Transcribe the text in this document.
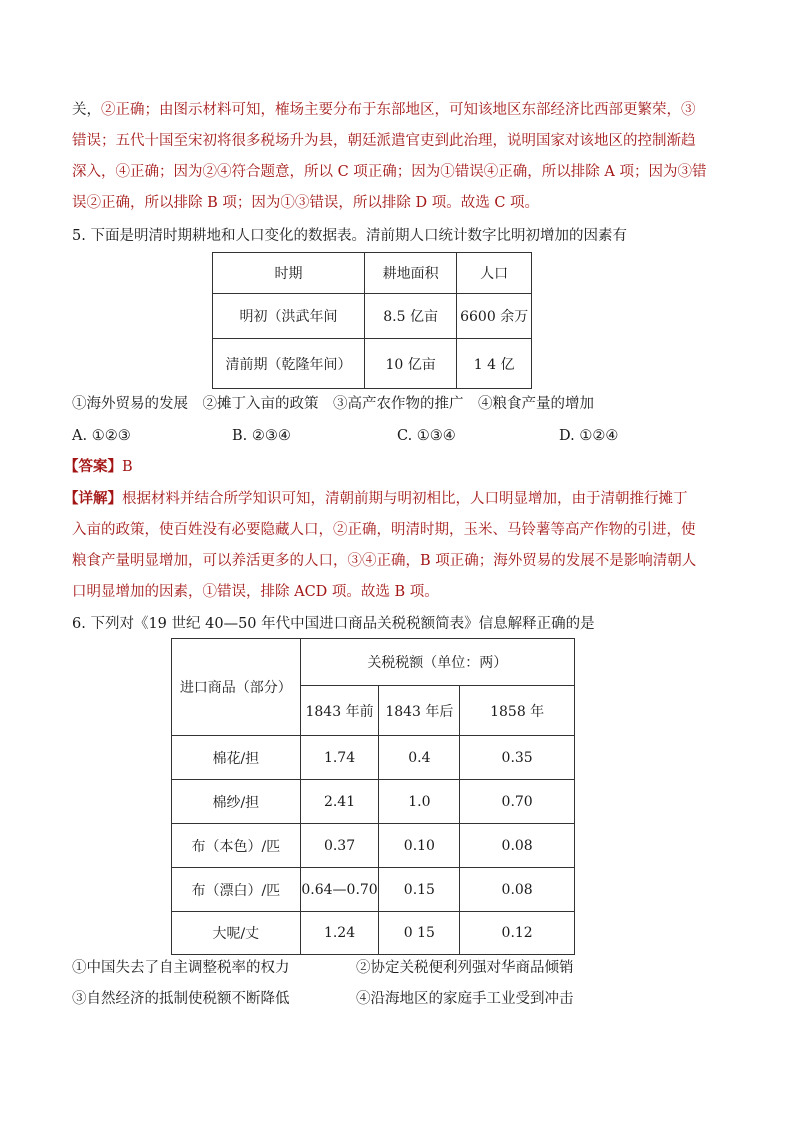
关，②正确；由图示材料可知，榷场主要分布于东部地区，可知该地区东部经济比西部更繁荣，③
错误；五代十国至宋初将很多税场升为县，朝廷派遣官吏到此治理，说明国家对该地区的控制渐趋
深入，④正确；因为②④符合题意，所以 C 项正确；因为①错误④正确，所以排除 A 项；因为③错
误②正确，所以排除 B 项；因为①③错误，所以排除 D 项。故选 C 项。
5. 下面是明清时期耕地和人口变化的数据表。清前期人口统计数字比明初增加的因素有
时期	耕地面积	人口
明初（洪武年间	8.5 亿亩	6600 余万
清前期（乾隆年间）	10 亿亩	1 4 亿
①海外贸易的发展　②摊丁入亩的政策　③高产农作物的推广　④粮食产量的增加
A. ①②③	B. ②③④	C. ①③④	D. ①②④
【答案】B
【详解】根据材料并结合所学知识可知，清朝前期与明初相比，人口明显增加，由于清朝推行摊丁
入亩的政策，使百姓没有必要隐藏人口，②正确，明清时期，玉米、马铃薯等高产作物的引进，使
粮食产量明显增加，可以养活更多的人口，③④正确，B 项正确；海外贸易的发展不是影响清朝人
口明显增加的因素，①错误，排除 ACD 项。故选 B 项。
6. 下列对《19 世纪 40—50 年代中国进口商品关税税额简表》信息解释正确的是
进口商品（部分）	关税税额（单位：两）		
	1843 年前	1843 年后	1858 年
棉花/担	1.74	0.4	0.35
棉纱/担	2.41	1.0	0.70
布（本色）/匹	0.37	0.10	0.08
布（漂白）/匹	0.64—0.70	0.15	0.08
大呢/丈	1.24	0 15	0.12
①中国失去了自主调整税率的权力	②协定关税便利列强对华商品倾销
③自然经济的抵制使税额不断降低	④沿海地区的家庭手工业受到冲击
